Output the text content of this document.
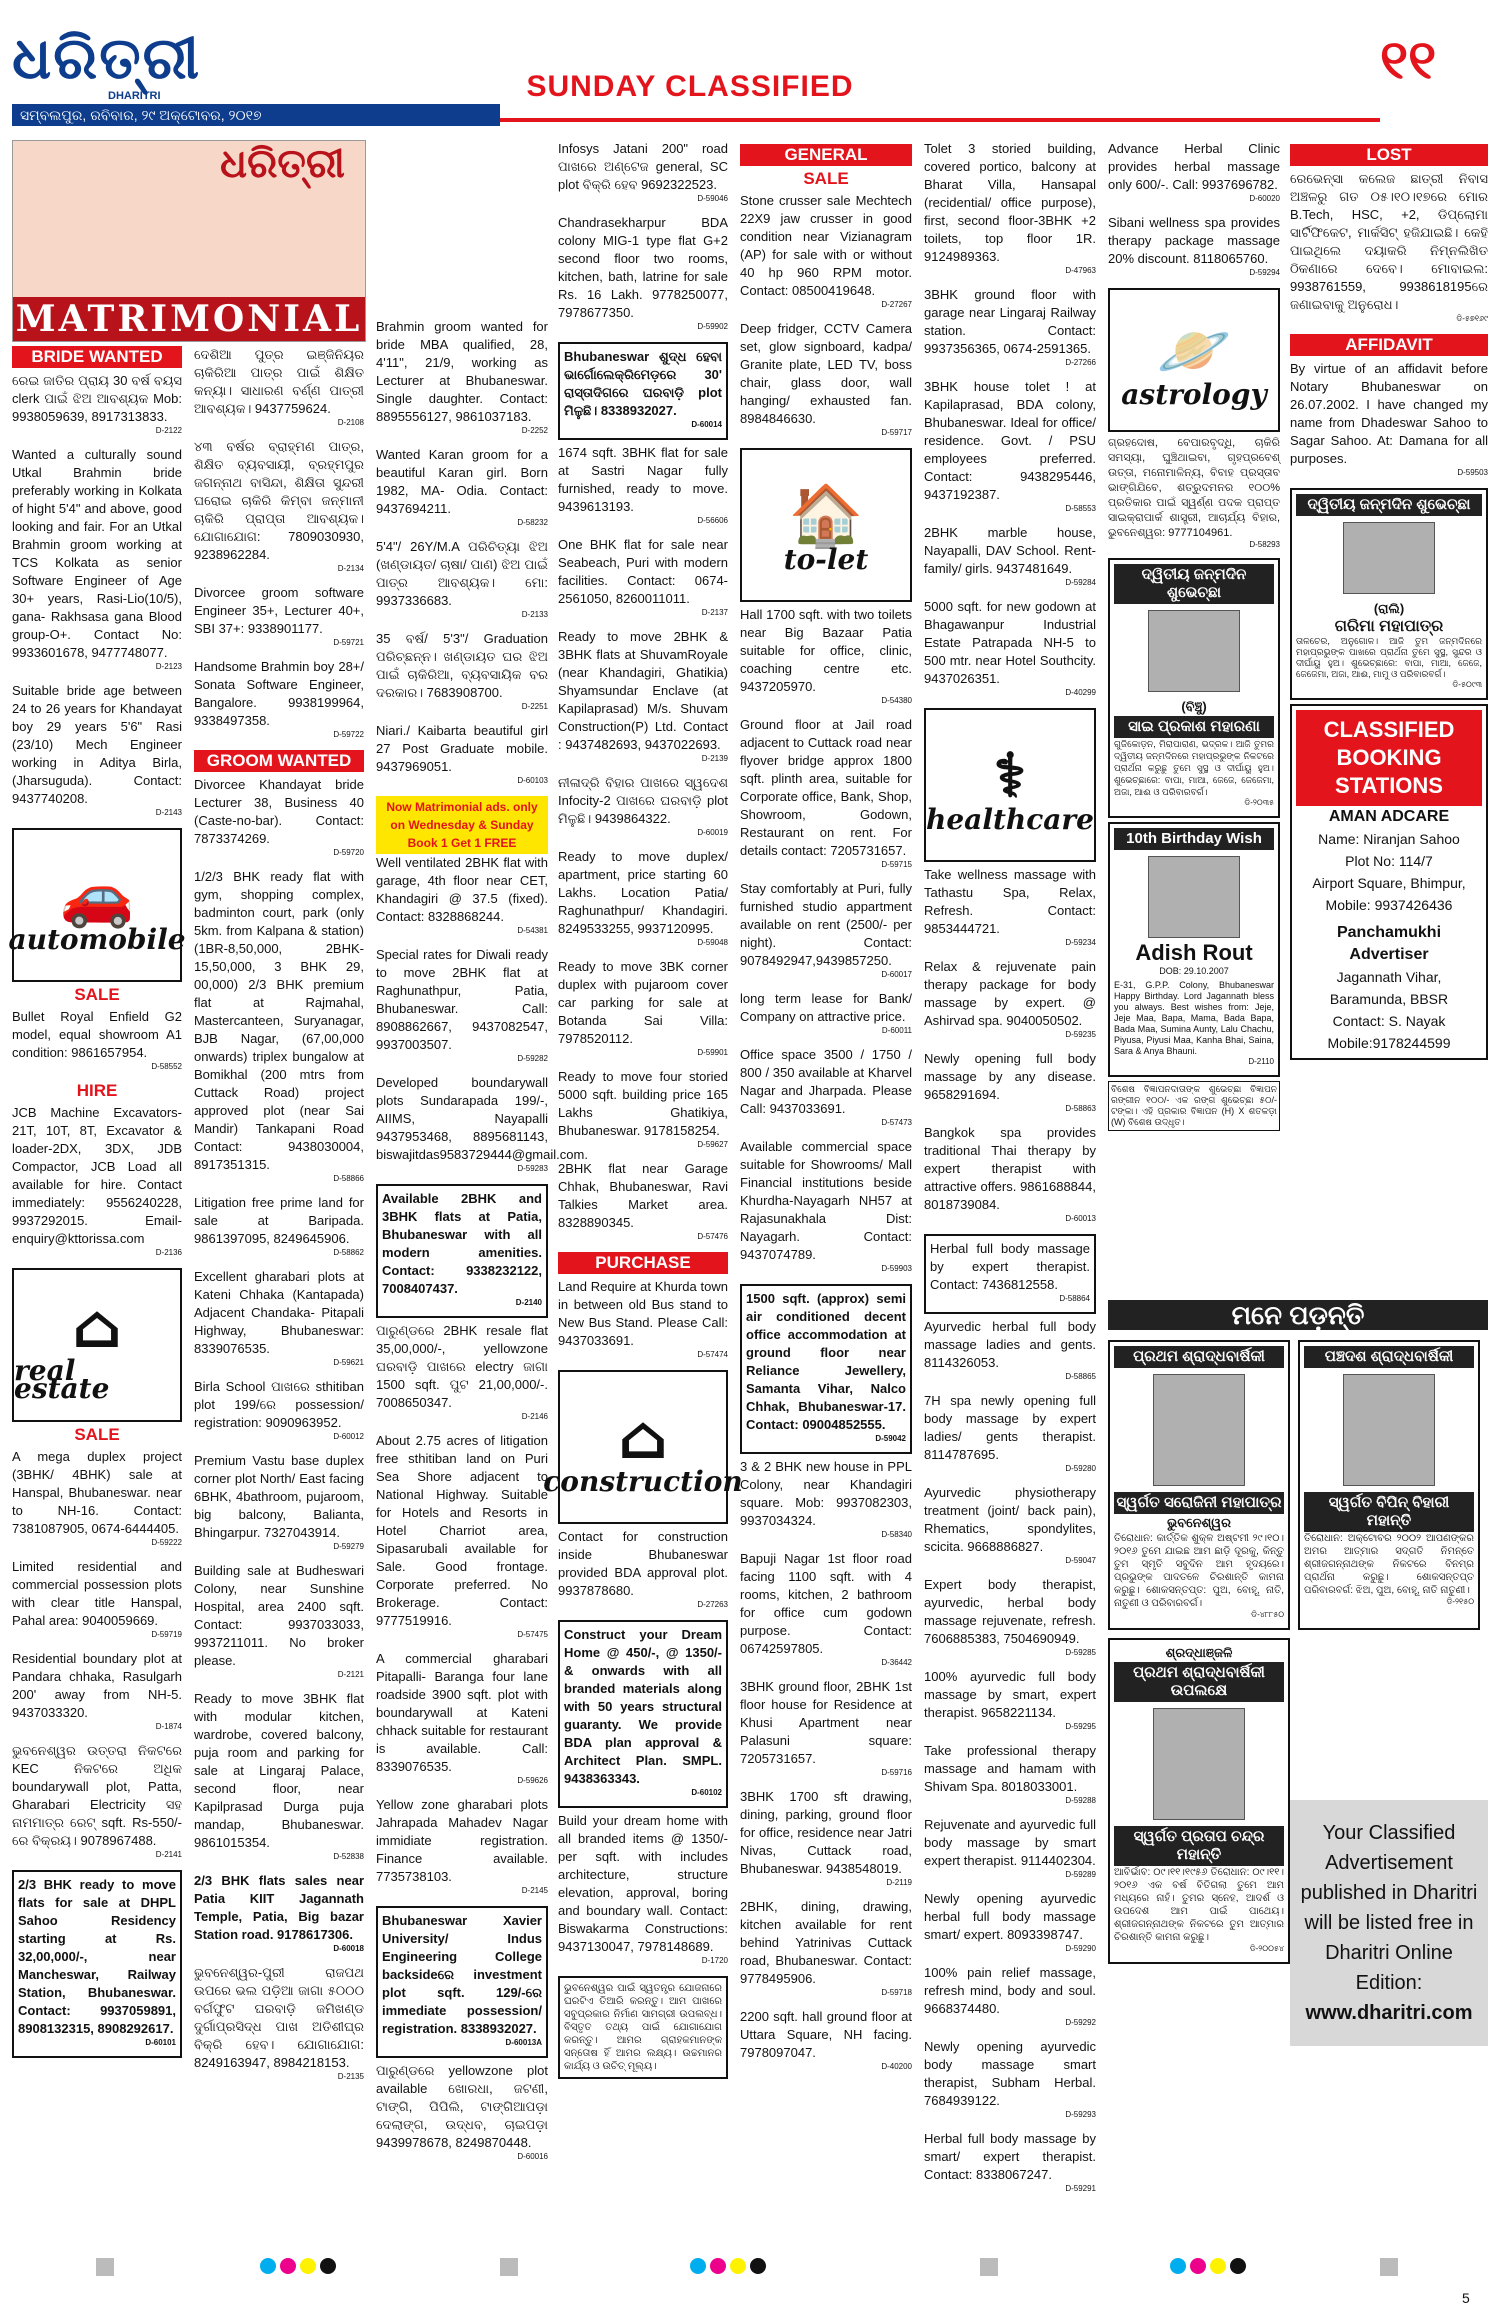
ଧରିତ୍ରୀ
DHARITRI
ସମ୍ବଲପୁର, ରବିବାର, ୨୯ ଅକ୍ଟୋବର, ୨୦୧୭
SUNDAY CLASSIFIED	୧୧
ଧରିତ୍ରୀ
MATRIMONIAL
BRIDE WANTED

ରେଇ ଜାତିର ପ୍ରାୟ 30 ବର୍ଷ ବୟସ clerk ପାଇଁ ଝିଅ ଆବଶ୍ୟକ Mob: 9938059639, 8917313833.
D-2122

Wanted a culturally sound Utkal Brahmin bride preferably working in Kolkata of hight 5'4" and above, good looking and fair. For an Utkal Brahmin groom working at TCS Kolkata as senior Software Engineer of Age 30+ years, Rasi-Lio(10/5), gana- Rakhsasa gana Blood group-O+. Contact No: 9933601678, 9477748077.
D-2123

Suitable bride age between 24 to 26 years for Khandayat boy 29 years 5'6" Rasi (23/10) Mech Engineer working in Aditya Birla, (Jharsuguda). Contact: 9437740208.
D-2143

🚗
automobile
SALE

Bullet Royal Enfield G2 model, equal showroom A1 condition: 9861657954.
D-58552

HIRE

JCB Machine Excavators-21T, 10T, 8T, Excavator & loader-2DX, 3DX, JDB Compactor, JCB Load all available for hire. Contact immediately: 9556240228, 9937292015. Email-enquiry@kttorissa.com
D-2136

⌂
real estate
SALE

A mega duplex project (3BHK/ 4BHK) sale at Hanspal, Bhubaneswar. near to NH-16. Contact: 7381087905, 0674-6444405.
D-59222

Limited residential and commercial possession plots with clear title Hanspal, Pahal area: 9040059669.
D-59719

Residential boundary plot at Pandara chhaka, Rasulgarh 200' away from NH-5. 9437033320.
D-1874

ଭୁବନେଶ୍ୱର ଉତ୍ତରା ନିକଟରେ KEC ନିକଟରେ ଅଧିକ boundarywall plot, Patta, Gharabari Electricity ସହ ନାମମାତ୍ର ରେଟ୍ sqft. Rs-550/-ରେ ବିକ୍ରୟ। 9078967488.
D-2141

2/3 BHK ready to move flats for sale at DHPL Sahoo Residency starting at Rs. 32,00,000/-, near Mancheswar, Railway Station, Bhubaneswar. Contact: 9937059891, 8908132315, 8908292617.
D-60101

ଦେଶିଆ ପୁତ୍ର ଇଞ୍ଜିନିୟର ଚାକିରିଆ ପାତ୍ର ପାଇଁ ଶିକ୍ଷିତ କନ୍ୟା। ସାଧାରଣ ବର୍ଣ୍ଣ ପାତ୍ରୀ ଆବଶ୍ୟକ। 9437759624.
D-2108

୪୩ ବର୍ଷର ବ୍ରାହ୍ମଣ ପାତ୍ର, ଶିକ୍ଷିତ ବ୍ୟବସାୟୀ, ବ୍ରହ୍ମପୁର ଜଗନ୍ନାଥ ବାସିନ୍ଦା, ଶିକ୍ଷିତା ସୁନ୍ଦରୀ ଘରୋଇ ଚାକିରି କିମ୍ବା ଜନ୍ମାନୀ ଚାକିରି ପ୍ରାପ୍ତା ଆବଶ୍ୟକ। ଯୋଗାଯୋଗ: 7809030930, 9238962284.
D-2134

Divorcee groom software Engineer 35+, Lecturer 40+, SBI 37+: 9338901177.
D-59721

Handsome Brahmin boy 28+/ Sonata Software Engineer, Bangalore. 9938199964, 9338497358.
D-59722

GROOM WANTED

Divorcee Khandayat bride Lecturer 38, Business 40 (Caste-no-bar). Contact: 7873374269.
D-59720

1/2/3 BHK ready flat with gym, shopping complex, badminton court, park (only 5km. from Kalpana & station) (1BR-8,50,000, 2BHK- 15,50,000, 3 BHK 29, 00,000) 2/3 BHK premium flat at Rajmahal, Mastercanteen, Suryanagar, BJB Nagar, (67,00,000 onwards) triplex bungalow at Bomikhal (200 mtrs from Cuttack Road) project approved plot (near Sai Mandir) Tankapani Road Contact: 9438030004, 8917351315.
D-58866

Litigation free prime land for sale at Baripada. 9861397095, 8249645906.
D-58862

Excellent gharabari plots at Kateni Chhaka (Kantapada) Adjacent Chandaka- Pitapali Highway, Bhubaneswar: 8339076535.
D-59621

Birla School ପାଖରେ sthitiban plot 199/ରେ possession/ registration: 9090963952.
D-60012

Premium Vastu base duplex corner plot North/ East facing 6BHK, 4bathroom, pujaroom, big balcony, Balianta, Bhingarpur. 7327043914.
D-59279

Building sale at Budheswari Colony, near Sunshine Hospital, area 2400 sqft. Contact: 9937033033, 9937211011. No broker please.
D-2121

Ready to move 3BHK flat with modular kitchen, wardrobe, covered balcony, puja room and parking for sale at Lingaraj Palace, second floor, near Kapilprasad Durga puja mandap, Bhubaneswar. 9861015354.
D-52838

2/3 BHK flats sales near Patia KIIT Jagannath Temple, Patia, Big bazar Station road. 9178617306.
D-60018

ଭୁବନେଶ୍ୱର-ପୁରୀ ରାଜପଥ ଉପରେ ଭଲ ପଡ଼ିଆ ଜାଗା ୫୦୦୦ ବର୍ଗଫୁଟ ଘରବାଡ଼ି ଜମିଖଣ୍ଡ ଦୁର୍ଗାପ୍ରସିଦ୍ଧ ପାଖ ଅତିଶୀଘ୍ର ବିକ୍ରି ହେବ। ଯୋଗାଯୋଗ: 8249163947, 8984218153.
D-2135

Brahmin groom wanted for bride MBA qualified, 28, 4'11", 21/9, working as Lecturer at Bhubaneswar. Single daughter. Contact: 8895556127, 9861037183.
D-2252

Wanted Karan groom for a beautiful Karan girl. Born 1982, MA- Odia. Contact: 9437694211.
D-58232

5'4"/ 26Y/M.A ପରିଚିତ୍ୟା ଝିଅ (ଖଣ୍ଡାୟତ/ ଚାଷା/ ପାଣ) ଝିଅ ପାଇଁ ପାତ୍ର ଆବଶ୍ୟକ। ମୋ: 9937336683.
D-2133

35 ବର୍ଷ/ 5'3"/ Graduation ପରିଚ୍ଛନ୍ନ। ଖଣ୍ଡାୟତ ଘର ଝିଅ ପାଇଁ ଚାକିରିଆ, ବ୍ୟବସାୟିକ ବର ଦରକାର। 7683908700.
D-2251

Niari./ Kaibarta beautiful girl 27 Post Graduate mobile. 9437969051.
D-60103

Now Matrimonial ads. only on Wednesday & Sunday Book 1 Get 1 FREE

Well ventilated 2BHK flat with garage, 4th floor near CET, Khandagiri @ 37.5 (fixed). Contact: 8328868244.
D-54381

Special rates for Diwali ready to move 2BHK flat at Raghunathpur, Patia, Bhubaneswar. Call: 8908862667, 9437082547, 9937003507.
D-59282

Developed boundarywall plots Sundarapada 199/-, AIIMS, Nayapalli 9437953468, 8895681143, biswajitdas9583729444@gmail.com.
D-59283

Available 2BHK and 3BHK flats at Patia, Bhubaneswar with all modern amenities. Contact: 9338232122, 7008407437.
D-2140

ପାରୁଣ୍ଡରେ 2BHK resale flat 35,00,000/-, yellowzone ଘରବାଡ଼ି ପାଖରେ electry ଜାଗା 1500 sqft. ପୁଟ 21,00,000/-. 7008650347.
D-2146

About 2.75 acres of litigation free sthitiban land on Puri Sea Shore adjacent to National Highway. Suitable for Hotels and Resorts in Hotel Charriot area, Sipasarubali available for Sale. Good frontage. Corporate preferred. No Brokerage. Contact: 9777519916.
D-57475

A commercial gharabari Pitapalli- Baranga four lane roadside 3900 sqft. plot with boundarywall at Kateni chhack suitable for restaurant is available. Call: 8339076535.
D-59626

Yellow zone gharabari plots Jahrapada Mahadev Nagar immidiate registration. Finance available. 7735738103.
D-2145

Bhubaneswar Xavier University/ Indus Engineering College backsideରେ investment plot sqft. 129/-ରେ immediate possession/ registration. 8338932027.
D-60013A

ପାରୁଣ୍ଡରେ yellowzone plot available ଖୋରଧା, ଜଟଣୀ, ଟାଙ୍ଗି, ପିପିଲି, ଟାଙ୍ଗିଆପଡ଼ା ଦେଲାଙ୍ଗ, ଉଦ୍ଧବ, ଚାଇପଡ଼ା 9439978678, 8249870448.
D-60016

Infosys Jatani 200" road ପାଖରେ ଅଣ୍ଟେଜ general, SC plot ବିକ୍ରି ହେବ 9692322523.
D-59046

Chandrasekharpur BDA colony MIG-1 type flat G+2 second floor two rooms, kitchen, bath, latrine for sale Rs. 16 Lakh. 9778250077, 7978677350.
D-59902

Bhubaneswar ଶୁଦ୍ଧ ହେବା ଭାର୍ଗୋଲେକ୍ରିମେଡ଼ରେ 30' ରାସ୍ତାଦିଗରେ ଘରବାଡ଼ି plot ମିଳୁଛି। 8338932027.
D-60014

1674 sqft. 3BHK flat for sale at Sastri Nagar fully furnished, ready to move. 9439613193.
D-56606

One BHK flat for sale near Seabeach, Puri with modern facilities. Contact: 0674-2561050, 8260011011.
D-2137

Ready to move 2BHK & 3BHK flats at ShuvamRoyale (near Khandagiri, Ghatikia) Shyamsundar Enclave (at Kapilaprasad) M/s. Shuvam Construction(P) Ltd. Contact : 9437482693, 9437022693.
D-2139

ନୀଳାଦ୍ରି ବିହାର ପାଖରେ ସ୍ୱଦେଶ Infocity-2 ପାଖରେ ଘରବାଡ଼ି plot ମିଳୁଛି। 9439864322.
D-60019

Ready to move duplex/ apartment, price starting 60 Lakhs. Location Patia/ Raghunathpur/ Khandagiri. 8249533255, 9937120995.
D-59048

Ready to move 3BK corner duplex with pujaroom cover car parking for sale at Botanda Sai Villa: 7978520112.
D-59901

Ready to move four storied 5000 sqft. building price 165 Lakhs Ghatikiya, Bhubaneswar. 9178158254.
D-59627

2BHK flat near Garage Chhak, Bhubaneswar, Ravi Talkies Market area. 8328890345.
D-57476

PURCHASE

Land Require at Khurda town in between old Bus stand to New Bus Stand. Please Call: 9437033691.
D-57474

⌂
construction

Contact for construction inside Bhubaneswar provided BDA approval plot. 9937878680.
D-27263

Construct your Dream Home @ 450/-, @ 1350/- & onwards with all branded materials along with 50 years structural guaranty. We provide BDA plan approval & Architect Plan. SMPL. 9438363343.
D-60102

Build your dream home with all branded items @ 1350/- per sqft. with includes architecture, structure elevation, approval, boring and boundary wall. Contact: Biswakarma Constructions: 9437130047, 7978148689.
D-1720

ଭୁବନେଶ୍ୱର ପାଇଁ ସ୍ୱତନ୍ତ୍ର ଯୋଜନାରେ ଘରଟିଏ ତିଆରି କରନ୍ତୁ। ଆମ ପାଖରେ ସବୁପ୍ରକାର ନିର୍ମାଣ ସାମଗ୍ରୀ ଉପଲବ୍ଧ। ବିସ୍ତୃତ ତଥ୍ୟ ପାଇଁ ଯୋଗାଯୋଗ କରନ୍ତୁ। ଆମର ଗ୍ରାହକମାନଙ୍କ ସନ୍ତୋଷ ହିଁ ଆମର ଲକ୍ଷ୍ୟ। ଉଚ୍ଚମାନର କାର୍ଯ୍ୟ ଓ ଉଚିତ୍ ମୂଲ୍ୟ।
GENERAL
SALE

Stone crusser sale Mechtech 22X9 jaw crusser in good condition near Vizianagram (AP) for sale with or without 40 hp 960 RPM motor. Contact: 08500419648.
D-27267

Deep fridger, CCTV Camera set, glow signboard, kadpa/ Granite plate, LED TV, boss chair, glass door, wall hanging/ exhausted fan. 8984846630.
D-59717

🏠
to-let

Hall 1700 sqft. with two toilets near Big Bazaar Patia suitable for office, clinic, coaching centre etc. 9437205970.
D-54380

Ground floor at Jail road adjacent to Cuttack road near flyover bridge approx 1800 sqft. plinth area, suitable for Corporate office, Bank, Shop, Showroom, Godown, Restaurant on rent. For details contact: 7205731657.
D-59715

Stay comfortably at Puri, fully furnished studio appartment available on rent (2500/- per night). Contact: 9078492947,9439857250.
D-60017

long term lease for Bank/ Company on attractive price.
D-60011

Office space 3500 / 1750 / 800 / 350 available at Kharvel Nagar and Jharpada. Please Call: 9437033691.
D-57473

Available commercial space suitable for Showrooms/ Mall Financial institutions beside Khurdha-Nayagarh NH57 at Rajasunakhala Dist: Nayagarh. Contact: 9437074789.
D-59903

1500 sqft. (approx) semi air conditioned decent office accommodation at ground floor near Reliance Jewellery, Samanta Vihar, Nalco Chhak, Bhubaneswar-17. Contact: 09004852555.
D-59042

3 & 2 BHK new house in PPL Colony, near Khandagiri square. Mob: 9937082303, 9937034324.
D-58340

Bapuji Nagar 1st floor road facing 1100 sqft. with 4 rooms, kitchen, 2 bathroom for office cum godown purpose. Contact: 06742597805.
D-36442

3BHK ground floor, 2BHK 1st floor house for Residence at Khusi Apartment near Palasuni square: 7205731657.
D-59716

3BHK 1700 sft drawing, dining, parking, ground floor for office, residence near Jatri Nivas, Cuttack road, Bhubaneswar. 9438548019.
D-2119

2BHK, dining, drawing, kitchen available for rent behind Yatrinivas Cuttack road, Bhubaneswar. Contact: 9778495906.
D-59718

2200 sqft. hall ground floor at Uttara Square, NH facing. 7978097047.
D-40200

Tolet 3 storied building, covered portico, balcony at Bharat Villa, Hansapal (recidential/ office purpose), first, second floor-3BHK +2 toilets, top floor 1R. 9124989363.
D-47963

3BHK ground floor with garage near Lingaraj Railway station. Contact: 9937356365, 0674-2591365.
D-27266

3BHK house tolet ! at Kapilaprasad, BDA colony, Bhubaneswar. Ideal for office/ residence. Govt. / PSU employees preferred. Contact: 9438295446, 9437192387.
D-58553

2BHK marble house, Nayapalli, DAV School. Rent- family/ girls. 9437481649.
D-59284

5000 sqft. for new godown at Bhagawanpur Industrial Estate Patrapada NH-5 to 500 mtr. near Hotel Southcity. 9437026351.
D-40299

⚕
healthcare

Take wellness massage with Tathastu Spa, Relax, Refresh. Contact: 9853444721.
D-59234

Relax & rejuvenate pain therapy package for body massage by expert. @ Ashirvad spa. 9040050502.
D-59235

Newly opening full body massage by any disease. 9658291694.
D-58863

Bangkok spa provides traditional Thai therapy by expert therapist with attractive offers. 9861688844, 8018739084.
D-60013

Herbal full body massage by expert therapist. Contact: 7436812558.
D-58864

Ayurvedic herbal full body massage ladies and gents. 8114326053.
D-58865

7H spa newly opening full body massage by expert ladies/ gents therapist. 8114787695.
D-59280

Ayurvedic physiotherapy treatment (joint/ back pain), Rhematics, spondylites, scicita. 9668886827.
D-59047

Expert body therapist, ayurvedic, herbal body massage rejuvenate, refresh. 7606885383, 7504690949.
D-59285

100% ayurvedic full body massage by smart, expert therapist. 9658221134.
D-59295

Take professional therapy massage and hamam with Shivam Spa. 8018033001.
D-59288

Rejuvenate and ayurvedic full body massage by smart expert therapist. 9114402304.
D-59289

Newly opening ayurvedic herbal full body massage smart/ expert. 8093398747.
D-59290

100% pain relief massage, refresh mind, body and soul. 9668374480.
D-59292

Newly opening ayurvedic body massage smart therapist, Subham Herbal. 7684939122.
D-59293

Herbal full body massage by smart/ expert therapist. Contact: 8338067247.
D-59291

Advance Herbal Clinic provides herbal massage only 600/-. Call: 9937696782.
D-60020

Sibani wellness spa provides therapy package massage 20% discount. 8118065760.
D-59294

🪐
astrology

ଗ୍ରହଦୋଷ, ବେପାରବୃଦ୍ଧି, ଚାକିରି ସମସ୍ୟା, ଘୁଞ୍ଚିଥାଇବା, ଗୃହପ୍ରବେଶ୍ ଉତ୍ତା, ମନୋମାଳିନ୍ୟ, ବିବାହ ପ୍ରସ୍ତାବ ଭାଙ୍ଗିଯିବେ, ଶତ୍ରୁଦମନର ୧୦୦% ପ୍ରତିକାର ପାଇଁ ସ୍ୱର୍ଣ୍ଣ ପଦକ ପ୍ରାପ୍ତ ସାଇକ୍ରାପାର୍କ ଶାସ୍ତ୍ରୀ, ଆଚାର୍ଯ୍ୟ ବିହାର, ଭୁବନେଶ୍ୱର: 9777104961.
D-58293

ଦ୍ୱିତୀୟ ଜନ୍ମଦିନ ଶୁଭେଚ୍ଛା
(ବିଞ୍ଚୁ)
ସାଇ ପ୍ରକାଶ ମହାରଣା
ଗୁଜିକୋଡ଼ନ, ମିରାପାରାଣ, ଭଦ୍ରକ। ଆଜି ତୁମର ଦ୍ୱିତୀୟ ଜନ୍ମଦିନରେ ମହାପ୍ରଭୁଙ୍କ ନିକଟରେ ପ୍ରାର୍ଥନା କରୁଛୁ ତୁମେ ସୁସ୍ଥ ଓ ଦୀର୍ଘାୟୁ ହୁଅ। ଶୁଭେଚ୍ଛାରେ: ବାପା, ମାଆ, ଜେଜେ, ଜେଜେମା, ଅଜା, ଆଈ ଓ ପରିବାରବର୍ଗ।
ଡି-୨୦୩୫
10th Birthday Wish
Adish Rout
DOB: 29.10.2007
E-31, G.P.P. Colony, Bhubaneswar Happy Birthday. Lord Jagannath bless you always. Best wishes from: Jeje, Jeje Maa, Bapa, Mama, Bada Bapa, Bada Maa, Sumina Aunty, Lalu Chachu, Piyusa, Piyusi Maa, Kanha Bhai, Saina, Sara & Anya Bhauni.
D-2110
ବିଶେଷ ବିଜ୍ଞାପନଦାତାଙ୍କ ଶୁଭେଚ୍ଛା ବିଜ୍ଞାପନ ରଙ୍ଗୀନ ୧୦୦/- ଏକ ରଙ୍ଗ ଶୁଭେଚ୍ଛା ୫୦/- ଟଙ୍କା। ଏହି ପ୍ରକାର ବିଜ୍ଞାପନ (H) X ଶତକଡ଼ା (W) ବିଶେଷ ଉଦ୍ଧୃତ।
ମନେ ପଡ଼ନ୍ତି
ପ୍ରଥମ ଶ୍ରାଦ୍ଧବାର୍ଷିକୀ
ସ୍ୱର୍ଗତ ସରୋଜିନୀ ମହାପାତ୍ର
ଭୁବନେଶ୍ୱର
ତିରୋଧାନ: କାର୍ତ୍ତିକ ଶୁକ୍ଳ ଅଷ୍ଟମୀ ୨୯।୧୦।୨୦୧୬ ତୁମେ ଯାଇଛ ଆମ ଛାଡ଼ି ଦୂରକୁ, କିନ୍ତୁ ତୁମ ସ୍ମୃତି ସବୁଦିନ ଆମ ହୃଦୟରେ। ପ୍ରଭୁଙ୍କ ପାଦତଳେ ଚିରଶାନ୍ତି କାମନା କରୁଛୁ। ଶୋକସନ୍ତପ୍ତ: ପୁଅ, ବୋହୂ, ନାତି, ନାତୁଣୀ ଓ ପରିବାରବର୍ଗ।
ଡି-୪୮୮୫୦
ପଞ୍ଚଦଶ ଶ୍ରାଦ୍ଧବାର୍ଷିକୀ
ସ୍ୱର୍ଗତ ବିପିନ୍ ବିହାରୀ ମହାନ୍ତି
ତିରୋଧାନ: ଅକ୍ଟୋବର ୨୦୦୨ ଆପଣଙ୍କର ଅମର ଆତ୍ମାର ସଦ୍‌ଗତି ନିମନ୍ତେ ଶ୍ରୀଜଗନ୍ନାଥଙ୍କ ନିକଟରେ ବିନମ୍ର ପ୍ରାର୍ଥନା କରୁଛୁ। ଶୋକସନ୍ତପ୍ତ ପରିବାରବର୍ଗ: ଝିଅ, ପୁଅ, ବୋହୂ, ନାତି ନାତୁଣୀ।
ଡି-୨୧୫୦
ଶ୍ରଦ୍ଧାଞ୍ଜଳି
ପ୍ରଥମ ଶ୍ରାଦ୍ଧବାର୍ଷିକୀ ଉପଲକ୍ଷେ
ସ୍ୱର୍ଗତ ପ୍ରତାପ ଚନ୍ଦ୍ର ମହାନ୍ତି
ଆବିର୍ଭାବ: ୦୯।୧୧।୧୯୫୬ ତିରୋଧାନ: ୦୯।୧୧।୨୦୧୬ ଏକ ବର୍ଷ ବିତିଗଲା ତୁମେ ଆମ ମଧ୍ୟରେ ନାହଁ। ତୁମର ସ୍ନେହ, ଆଦର୍ଶ ଓ ଉପଦେଶ ଆମ ପାଇଁ ପାଥେୟ। ଶ୍ରୀଜଗନ୍ନାଥଙ୍କ ନିକଟରେ ତୁମ ଆତ୍ମାର ଚିରଶାନ୍ତି କାମନା କରୁଛୁ।
ଡି-୨୦୦୫୪
LOST

ରେଭେନ୍‌ସା କଲେଜ ଛାତ୍ରୀ ନିବାସ ଅଞ୍ଚଳରୁ ଗତ ୦୫।୧୦।୧୭ରେ ମୋର B.Tech, HSC, +2, ଡିପ୍ଲୋମା ସାର୍ଟିଫିକେଟ, ମାର୍କସିଟ୍ ହଜିଯାଇଛି। କେହି ପାଇଥିଲେ ଦୟାକରି ନିମ୍ନଲିଖିତ ଠିକଣାରେ ଦେବେ। ମୋବାଇଲ: 9938761559, 9938618195ରେ ଜଣାଇବାକୁ ଅନୁରୋଧ।
ଡି-୫୭୧୬୯

AFFIDAVIT

By virtue of an affidavit before Notary Bhubaneswar on 26.07.2002. I have changed my name from Dhadeswar Sahoo to Sagar Sahoo. At: Damana for all purposes.
D-59503

ଦ୍ୱିତୀୟ ଜନ୍ମଦିନ ଶୁଭେଚ୍ଛା
(ରାଲି)
ଗରିମା ମହାପାତ୍ର
ତାଳଚେର, ଅନୁଗୋଳ। ଆଜି ତୁମ ଜନ୍ମଦିନରେ ମହାପ୍ରଭୁଙ୍କ ପାଖରେ ପ୍ରାର୍ଥନା ତୁମେ ସୁସ୍ଥ, ସୁନ୍ଦର ଓ ଦୀର୍ଘାୟୁ ହୁଅ। ଶୁଭେଚ୍ଛାରେ: ବାପା, ମାଆ, ଜେଜେ, ଜେଜେମା, ଅଜା, ଆଈ, ମାମୁ ଓ ପରିବାରବର୍ଗ।
ଡି-୫୦୯୩
CLASSIFIED BOOKING STATIONS
AMAN ADCARE
Name: Niranjan Sahoo
Plot No: 114/7
Airport Square, Bhimpur,
Mobile: 9937426436
Panchamukhi Advertiser
Jagannath Vihar,
Baramunda, BBSR
Contact: S. Nayak
Mobile:9178244599
Your Classified Advertisement published in Dharitri will be listed free in Dharitri Online Edition:
www.dharitri.com
5
